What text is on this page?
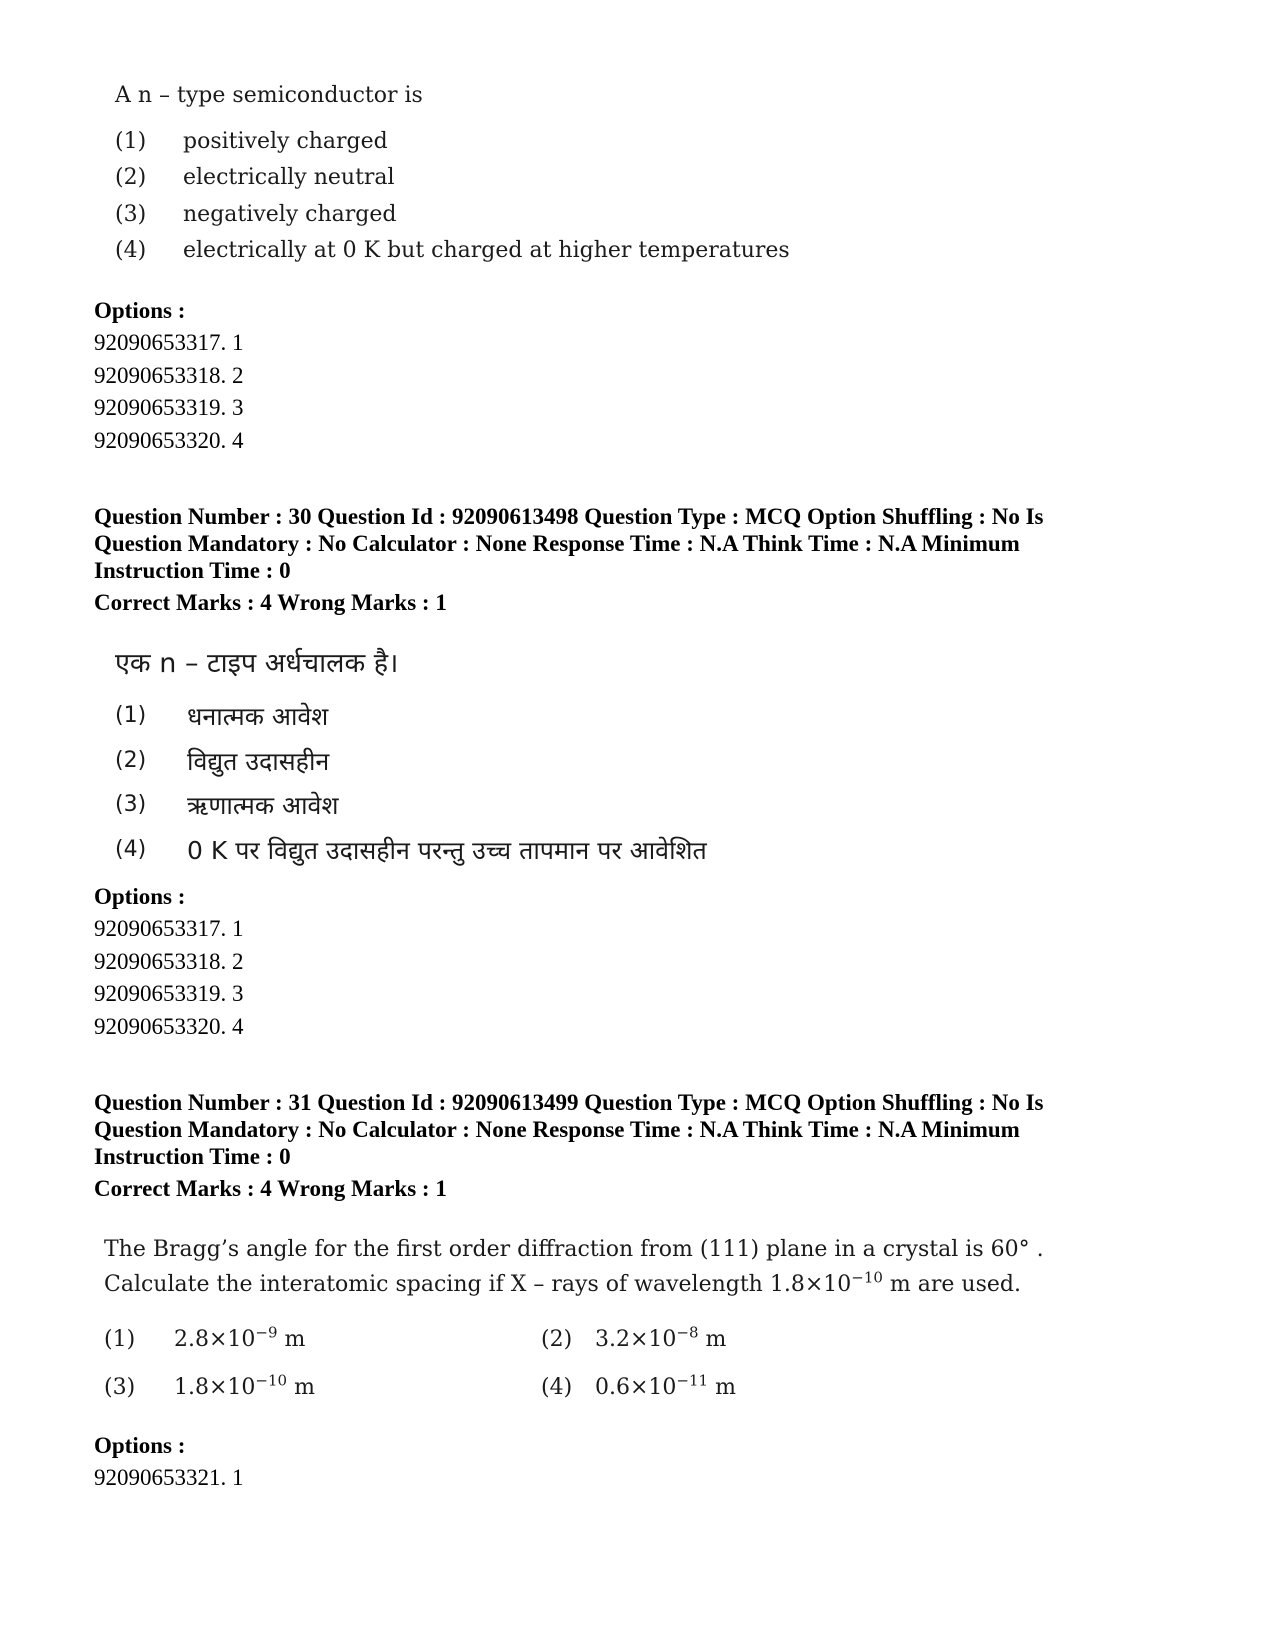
A n – type semiconductor is
(1) positively charged
(2) electrically neutral
(3) negatively charged
(4) electrically at 0 K but charged at higher temperatures
Options :
92090653317. 1
92090653318. 2
92090653319. 3
92090653320. 4
Question Number : 30 Question Id : 92090613498 Question Type : MCQ Option Shuffling : No Is
Question Mandatory : No Calculator : None Response Time : N.A Think Time : N.A Minimum
Instruction Time : 0
Correct Marks : 4 Wrong Marks : 1
एक n – टाइप अर्धचालक है।
(1) धनात्मक आवेश
(2) विद्युत उदासहीन
(3) ऋणात्मक आवेश
(4) 0 K पर विद्युत उदासहीन परन्तु उच्च तापमान पर आवेशित
Options :
92090653317. 1
92090653318. 2
92090653319. 3
92090653320. 4
Question Number : 31 Question Id : 92090613499 Question Type : MCQ Option Shuffling : No Is
Question Mandatory : No Calculator : None Response Time : N.A Think Time : N.A Minimum
Instruction Time : 0
Correct Marks : 4 Wrong Marks : 1
The Bragg’s angle for the first order diffraction from (111) plane in a crystal is 60° .
Calculate the interatomic spacing if X – rays of wavelength $1.8\times 10^{-10}$ m are used.
(1) $2.8\times 10^{-9}$ m	(2) $3.2\times 10^{-8}$ m
(3) $1.8\times 10^{-10}$ m	(4) $0.6\times 10^{-11}$ m
Options :
92090653321. 1
